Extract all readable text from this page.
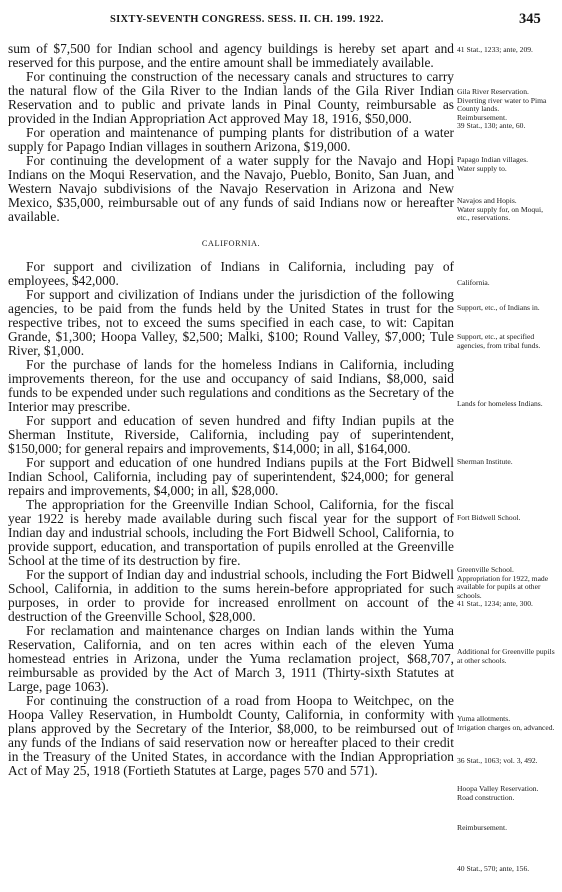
SIXTY-SEVENTH CONGRESS. SESS. II. CH. 199. 1922.	345

sum of $7,500 for Indian school and agency buildings is hereby set apart and reserved for this purpose, and the entire amount shall be immediately available.

For continuing the construction of the necessary canals and structures to carry the natural flow of the Gila River to the Indian lands of the Gila River Indian Reservation and to public and private lands in Pinal County, reimbursable as provided in the Indian Appropriation Act approved May 18, 1916, $50,000.

For operation and maintenance of pumping plants for distribution of a water supply for Papago Indian villages in southern Arizona, $19,000.

For continuing the development of a water supply for the Navajo and Hopi Indians on the Moqui Reservation, and the Navajo, Pueblo, Bonito, San Juan, and Western Navajo subdivisions of the Navajo Reservation in Arizona and New Mexico, $35,000, reimbursable out of any funds of said Indians now or hereafter available.

CALIFORNIA.

For support and civilization of Indians in California, including pay of employees, $42,000.

For support and civilization of Indians under the jurisdiction of the following agencies, to be paid from the funds held by the United States in trust for the respective tribes, not to exceed the sums specified in each case, to wit: Capitan Grande, $1,300; Hoopa Valley, $2,500; Malki, $100; Round Valley, $7,000; Tule River, $1,000.

For the purchase of lands for the homeless Indians in California, including improvements thereon, for the use and occupancy of said Indians, $8,000, said funds to be expended under such regulations and conditions as the Secretary of the Interior may prescribe.

For support and education of seven hundred and fifty Indian pupils at the Sherman Institute, Riverside, California, including pay of superintendent, $150,000; for general repairs and improvements, $14,000; in all, $164,000.

For support and education of one hundred Indians pupils at the Fort Bidwell Indian School, California, including pay of superintendent, $24,000; for general repairs and improvements, $4,000; in all, $28,000.

The appropriation for the Greenville Indian School, California, for the fiscal year 1922 is hereby made available during such fiscal year for the support of Indian day and industrial schools, including the Fort Bidwell School, California, to provide support, education, and transportation of pupils enrolled at the Greenville School at the time of its destruction by fire.

For the support of Indian day and industrial schools, including the Fort Bidwell School, California, in addition to the sums herein-before appropriated for such purposes, in order to provide for increased enrollment on account of the destruction of the Greenville School, $28,000.

For reclamation and maintenance charges on Indian lands within the Yuma Reservation, California, and on ten acres within each of the eleven Yuma homestead entries in Arizona, under the Yuma reclamation project, $68,707, reimbursable as provided by the Act of March 3, 1911 (Thirty-sixth Statutes at Large, page 1063).

For continuing the construction of a road from Hoopa to Weitchpec, on the Hoopa Valley Reservation, in Humboldt County, California, in conformity with plans approved by the Secretary of the Interior, $8,000, to be reimbursed out of any funds of the Indians of said reservation now or hereafter placed to their credit in the Treasury of the United States, in accordance with the Indian Appropriation Act of May 25, 1918 (Fortieth Statutes at Large, pages 570 and 571).

41 Stat., 1233; ante, 209.

Gila River Reservation.

Diverting river water to Pima County lands.

Reimbursement.

39 Stat., 130; ante, 60.

Papago Indian villages.

Water supply to.

Navajos and Hopis.

Water supply for, on Moqui, etc., reservations.

California.

Support, etc., of Indians in.

Support, etc., at specified agencies, from tribal funds.

Lands for homeless Indians.

Sherman Institute.

Fort Bidwell School.

Greenville School.

Appropriation for 1922, made available for pupils at other schools.

41 Stat., 1234; ante, 300.

Additional for Greenville pupils at other schools.

Yuma allotments.

Irrigation charges on, advanced.

36 Stat., 1063; vol. 3, 492.

Hoopa Valley Reservation.

Road construction.

Reimbursement.

40 Stat., 570; ante, 156.
